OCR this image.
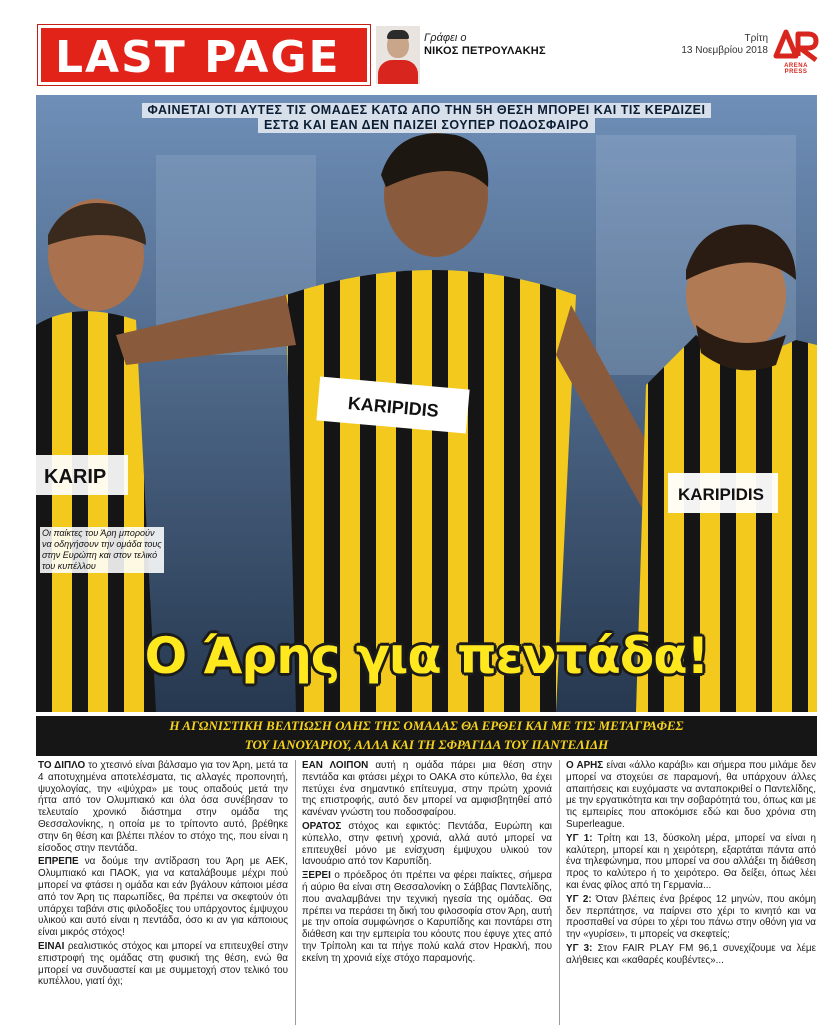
LAST PAGE	Γράφει ο
ΝΙΚΟΣ ΠΕΤΡΟΥΛΑΚΗΣ
Τρίτη
13 Νοεμβρίου 2018
ARENA PRESS
KARIP
KARIPIDIS
KARIPIDIS
ΦΑΙΝΕΤΑΙ ΟΤΙ ΑΥΤΕΣ ΤΙΣ ΟΜΑΔΕΣ ΚΑΤΩ ΑΠΟ ΤΗΝ 5Η ΘΕΣΗ ΜΠΟΡΕΙ ΚΑΙ ΤΙΣ ΚΕΡΔΙΖΕΙ
ΕΣΤΩ ΚΑΙ ΕΑΝ ΔΕΝ ΠΑΙΖΕΙ ΣΟΥΠΕΡ ΠΟΔΟΣΦΑΙΡΟ
Οι παίκτες του Άρη μπορούν να οδηγήσουν την ομάδα τους στην Ευρώπη και στον τελικό του κυπέλλου
Ο Άρης για πεντάδα!
Η ΑΓΩΝΙΣΤΙΚΗ ΒΕΛΤΙΩΣΗ ΟΛΗΣ ΤΗΣ ΟΜΑΔΑΣ ΘΑ ΕΡΘΕΙ ΚΑΙ ΜΕ ΤΙΣ ΜΕΤΑΓΡΑΦΕΣ
ΤΟΥ ΙΑΝΟΥΑΡΙΟΥ, ΑΛΛΑ ΚΑΙ ΤΗ ΣΦΡΑΓΙΔΑ ΤΟΥ ΠΑΝΤΕΛΙΔΗ

ΤΟ ΔΙΠΛΟ το χτεσινό είναι βάλσαμο για τον Άρη, μετά τα 4 αποτυχημένα αποτελέσματα, τις αλλαγές προπονητή, ψυχολογίας, την «ψύχρα» με τους οπαδούς μετά την ήττα από τον Ολυμπιακό και όλα όσα συνέβησαν το τελευταίο χρονικό διάστημα στην ομάδα της Θεσσαλονίκης, η οποία με το τρίποντο αυτό, βρέθηκε στην 6η θέση και βλέπει πλέον το στόχο της, που είναι η είσοδος στην πεντάδα.

ΕΠΡΕΠΕ να δούμε την αντίδραση του Άρη με ΑΕΚ, Ολυμπιακό και ΠΑΟΚ, για να καταλάβουμε μέχρι πού μπορεί να φτάσει η ομάδα και εάν βγάλουν κάποιοι μέσα από τον Άρη τις παρωπίδες, θα πρέπει να σκεφτούν ότι υπάρχει ταβάνι στις φιλοδοξίες του υπάρχοντος έμψυχου υλικού και αυτό είναι η πεντάδα, όσο κι αν για κάποιους είναι μικρός στόχος!

ΕΙΝΑΙ ρεαλιστικός στόχος και μπορεί να επιτευχθεί στην επιστροφή της ομάδας στη φυσική της θέση, ενώ θα μπορεί να συνδυαστεί και με συμμετοχή στον τελικό του κυπέλλου, γιατί όχι;

ΕΑΝ ΛΟΙΠΟΝ αυτή η ομάδα πάρει μια θέση στην πεντάδα και φτάσει μέχρι το ΟΑΚΑ στο κύπελλο, θα έχει πετύχει ένα σημαντικό επίτευγμα, στην πρώτη χρονιά της επιστροφής, αυτό δεν μπορεί να αμφισβητηθεί από κανέναν γνώστη του ποδοσφαίρου.

ΟΡΑΤΟΣ στόχος και εφικτός: Πεντάδα, Ευρώπη και κύπελλο, στην φετινή χρονιά, αλλά αυτό μπορεί να επιτευχθεί μόνο με ενίσχυση έμψυχου υλικού τον Ιανουάριο από τον Καρυπίδη.

ΞΕΡΕΙ ο πρόεδρος ότι πρέπει να φέρει παίκτες, σήμερα ή αύριο θα είναι στη Θεσσαλονίκη ο Σάββας Παντελίδης, που αναλαμβάνει την τεχνική ηγεσία της ομάδας. Θα πρέπει να περάσει τη δική του φιλοσοφία στον Άρη, αυτή με την οποία συμφώνησε ο Καρυπίδης και ποντάρει στη διάθεση και την εμπειρία του κόουτς που έφυγε χτες από την Τρίπολη και τα πήγε πολύ καλά στον Ηρακλή, που εκείνη τη χρονιά είχε στόχο παραμονής.

Ο ΑΡΗΣ είναι «άλλο καράβι» και σήμερα που μιλάμε δεν μπορεί να στοχεύει σε παραμονή, θα υπάρχουν άλλες απαιτήσεις και ευχόμαστε να ανταποκριθεί ο Παντελίδης, με την εργατικότητα και την σοβαρότητά του, όπως και με τις εμπειρίες που αποκόμισε εδώ και δυο χρόνια στη Superleague.

ΥΓ 1: Τρίτη και 13, δύσκολη μέρα, μπορεί να είναι η καλύτερη, μπορεί και η χειρότερη, εξαρτάται πάντα από ένα τηλεφώνημα, που μπορεί να σου αλλάξει τη διάθεση προς το καλύτερο ή το χειρότερο. Θα δείξει, όπως λέει και ένας φίλος από τη Γερμανία...

ΥΓ 2: Όταν βλέπεις ένα βρέφος 12 μηνών, που ακόμη δεν περπάτησε, να παίρνει στο χέρι το κινητό και να προσπαθεί να σύρει το χέρι του πάνω στην οθόνη για να την «γυρίσει», τι μπορείς να σκεφτείς;

ΥΓ 3: Στον FAIR PLAY FM 96,1 συνεχίζουμε να λέμε αλήθειες και «καθαρές κουβέντες»...
